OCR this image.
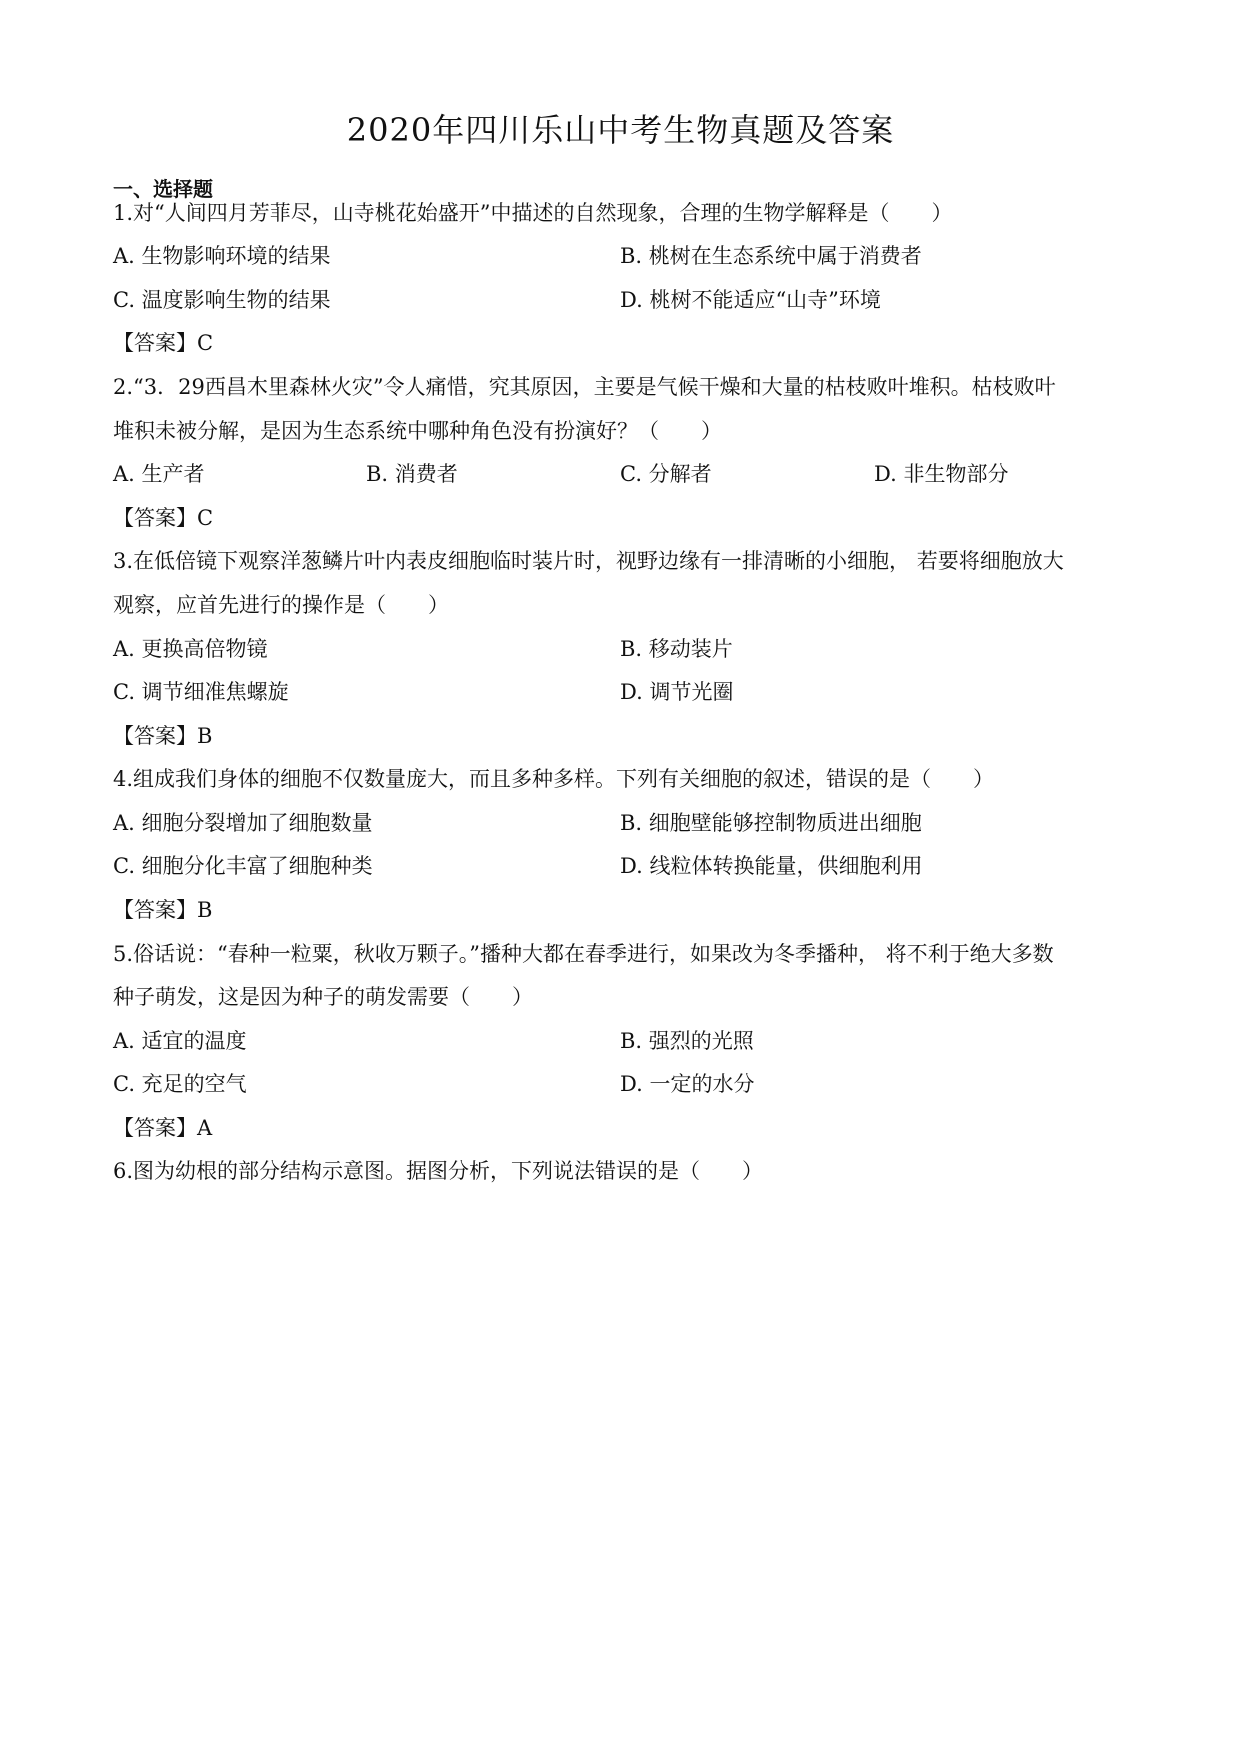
2020年四川乐山中考生物真题及答案
一、选择题
1.对“人间四月芳菲尽，山寺桃花始盛开”中描述的自然现象，合理的生物学解释是（　　）
A. 生物影响环境的结果	B. 桃树在生态系统中属于消费者
C. 温度影响生物的结果	D. 桃树不能适应“山寺”环境
【答案】C
2.“3．29西昌木里森林火灾”令人痛惜，究其原因，主要是气候干燥和大量的枯枝败叶堆积。枯枝败叶
堆积未被分解，是因为生态系统中哪种角色没有扮演好？（　　）
A. 生产者	B. 消费者	C. 分解者	D. 非生物部分
【答案】C
3.在低倍镜下观察洋葱鳞片叶内表皮细胞临时装片时，视野边缘有一排清晰的小细胞， 若要将细胞放大
观察，应首先进行的操作是（　　）
A. 更换高倍物镜	B. 移动装片
C. 调节细准焦螺旋	D. 调节光圈
【答案】B
4.组成我们身体的细胞不仅数量庞大，而且多种多样。下列有关细胞的叙述，错误的是（　　）
A. 细胞分裂增加了细胞数量	B. 细胞壁能够控制物质进出细胞
C. 细胞分化丰富了细胞种类	D. 线粒体转换能量，供细胞利用
【答案】B
5.俗话说：“春种一粒粟，秋收万颗子。”播种大都在春季进行，如果改为冬季播种， 将不利于绝大多数
种子萌发，这是因为种子的萌发需要（　　）
A. 适宜的温度	B. 强烈的光照
C. 充足的空气	D. 一定的水分
【答案】A
6.图为幼根的部分结构示意图。据图分析，下列说法错误的是（　　）
